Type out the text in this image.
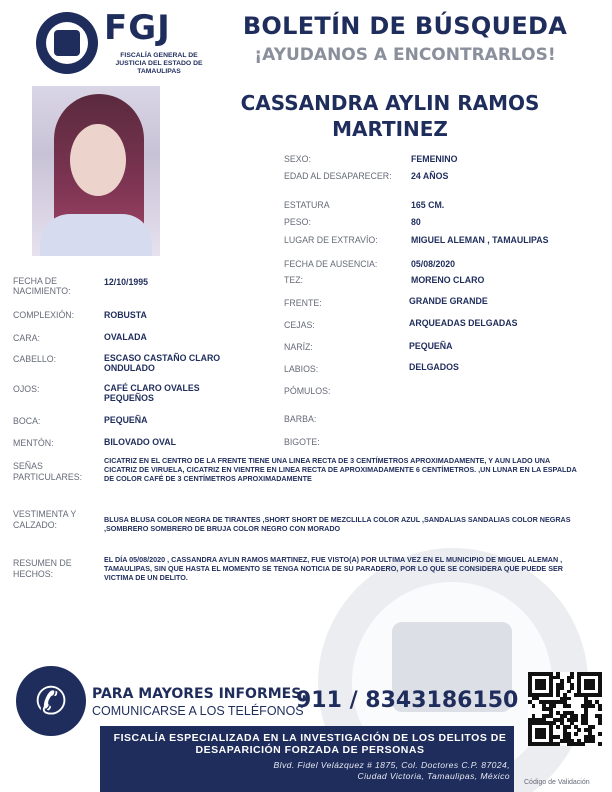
FGJ
FISCALÍA GENERAL DE JUSTICIA DEL ESTADO DE TAMAULIPAS
BOLETÍN DE BÚSQUEDA
¡AYUDANOS A ENCONTRARLOS!
CASSANDRA AYLIN RAMOS MARTINEZ
SEXO:	FEMENINO
EDAD AL DESAPARECER: 24 AÑOS
ESTATURA	165 CM.
PESO:	80
LUGAR DE EXTRAVÍO:	MIGUEL ALEMAN , TAMAULIPAS
FECHA DE AUSENCIA:	05/08/2020
TEZ:	MORENO CLARO
FRENTE:	GRANDE GRANDE
CEJAS:	ARQUEADAS DELGADAS
NARÍZ:	PEQUEÑA
LABIOS:	DELGADOS
PÓMULOS:
BARBA:
BIGOTE:
FECHA DE NACIMIENTO:
12/10/1995
COMPLEXIÓN:	ROBUSTA
CARA:	OVALADA
CABELLO:	ESCASO CASTAÑO CLARO ONDULADO
OJOS:	CAFÉ CLARO OVALES PEQUEÑOS
BOCA:	PEQUEÑA
MENTÓN:	BILOVADO OVAL
SEÑAS PARTICULARES:
CICATRIZ EN EL CENTRO DE LA FRENTE TIENE UNA LINEA RECTA DE 3 CENTÍMETROS APROXIMADAMENTE, Y AUN LADO UNA CICATRIZ DE VIRUELA, CICATRIZ EN VIENTRE EN LINEA RECTA DE APROXIMADAMENTE 6 CENTÍMETROS. ,UN LUNAR EN LA ESPALDA DE COLOR CAFÉ DE 3 CENTÍMETROS APROXIMADAMENTE
VESTIMENTA Y CALZADO:
BLUSA BLUSA COLOR NEGRA DE TIRANTES ,SHORT SHORT DE MEZCLILLA COLOR AZUL ,SANDALIAS SANDALIAS COLOR NEGRAS ,SOMBRERO SOMBRERO DE BRUJA COLOR NEGRO CON MORADO
RESUMEN DE HECHOS:
EL DÍA 05/08/2020 , CASSANDRA AYLIN RAMOS MARTINEZ, FUE VISTO(A) POR ULTIMA VEZ EN EL MUNICIPIO DE MIGUEL ALEMAN , TAMAULIPAS, SIN QUE HASTA EL MOMENTO SE TENGA NOTICIA DE SU PARADERO, POR LO QUE SE CONSIDERA QUE PUEDE SER VICTIMA DE UN DELITO.
✆	PARA MAYORES INFORMES,
COMUNICARSE A LOS TELÉFONOS
911 / 8343186150
FISCALÍA ESPECIALIZADA EN LA INVESTIGACIÓN DE LOS DELITOS DE DESAPARICIÓN FORZADA DE PERSONAS
Blvd. Fidel Velázquez # 1875, Col. Doctores C.P. 87024,
Ciudad Victoria, Tamaulipas, México
Código de Validación
